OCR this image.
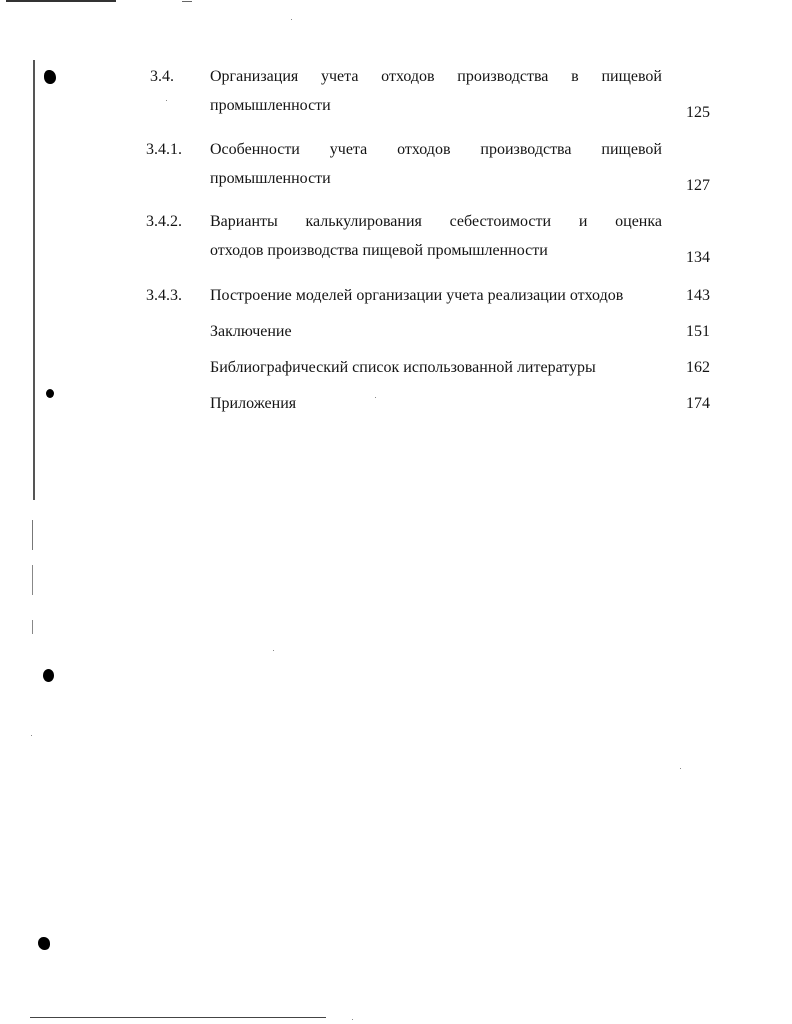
3.4. Организация учета отходов производства в пищевой
промышленности	125
3.4.1. Особенности учета отходов производства пищевой
промышленности	127
3.4.2. Варианты калькулирования себестоимости и оценка
отходов производства пищевой промышленности	134
3.4.3. Построение моделей организации учета реализации отходов	143
Заключение	151
Библиографический список использованной литературы	162
Приложения	174
